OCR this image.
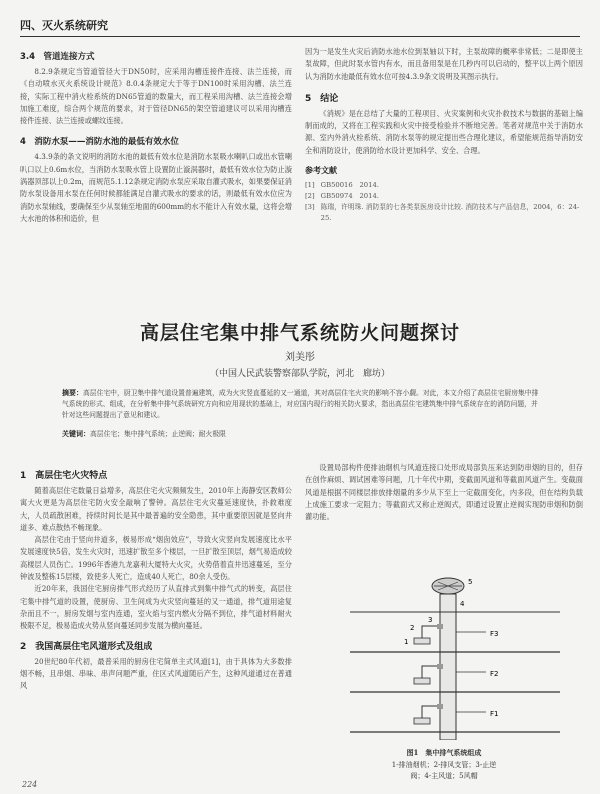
四、灭火系统研究
3.4　管道连接方式
8.2.9条规定当管道管径大于DN50时，应采用沟槽连接件连接、法兰连接，而《自动喷水灭火系统设计规范》8.0.4条规定大于等于DN100时采用沟槽、法兰连接，实际工程中消火栓系统的DN65管道的数量大，而工程采用沟槽、法兰连接会增加施工难度，综合两个规范的要求，对于管径DN65的架空管道建议可以采用沟槽连接件连接、法兰连接或螺纹连接。
4　消防水泵——消防水池的最低有效水位
4.3.9条的条文说明的消防水池的最低有效水位是消防水泵吸水喇叭口或出水管喇叭口以上0.6m水位，当消防水泵吸水管上设置防止漩涡器时，最低有效水位为防止漩涡器顶部以上0.2m，而规范5.1.12条规定消防水泵应采取自灌式吸水，如果要保证消防水泵设备用水泵在任何时候都能满足自灌式吸水的要求的话，则最低有效水位应为消防水泵轴线，要确保至少从泵轴至地面的600mm的水不能计入有效水量，这将会增大水池的体积和造价，但
因为一是发生火灾后消防水池水位到泵轴以下时，主泵故障的概率非常低；二是即使主泵故障，但此时泵水管内有水，而且备用泵是在几秒内可以启动的，整平以上两个原因认为消防水池最低有效水位可按4.3.9条文说明及其图示执行。
5　结论
《消规》是在总结了大量的工程项目、火灾案例和火灾扑救技术与数据的基础上编制而成的，又将在工程实践和火灾中接受检验并不断地完善。笔者对规范中关于消防水源、室内外消火栓系统、消防水泵等的规定提出些合理化建议，希望能规范指导消防安全和消防设计，使消防给水设计更加科学、安全、合理。
参考文献
[1] GB50016　2014.
[2] GB50974　2014.
[3] 陈瑞，许明珠. 消防泵的七各类泵医房设计比较. 消防技术与产品信息，2004，6：24-25.
高层住宅集中排气系统防火问题探讨
刘美彤
（中国人民武装警察部队学院，河北　廊坊）
摘要：高层住宅中，厨卫集中排气道设置普遍建筑，成为火灾竖直蔓延的又一通道，其对高层住宅火灾的影响不容小觑。对此，本文介绍了高层住宅厨房集中排气系统的形式、组成，在分析集中排气系统研究方向和应用现状的基础上，对应国内现行的相关防火要求，指出高层住宅建筑集中排气系统存在的消防问题，并针对这些问题提出了意见和建议。
关键词：高层住宅；集中排气系统；止逆阀；耐火极限
1　高层住宅火灾特点
随着高层住宅数量日益增多，高层住宅火灾频频发生，2010年上海静安区教师公寓大火更是为高层住宅防火安全敲响了警钟。高层住宅火灾蔓延速度快，扑救难度大，人员疏散困难，持续时间长是其中最普遍的安全隐患，其中重要原因就是竖向井道多、难点散热不畅现象。
高层住宅由于竖向井道多，极易形成“烟囱效应”，导致火灾竖向发展速度比水平发展速度快5倍，发生火灾时，迅速扩散至多个楼层，一旦扩散至顶层，烟气易造成较高楼层人员伤亡。1996年香港九龙嘉利大厦特大火灾，火势借着直井迅速蔓延，至分钟波及整栋15层楼，致使多人死亡，造成40人死亡，80余人受伤。
近20年来，我国住宅厨房排气形式经历了从直排式到集中排气式的转变，高层住宅集中排气道的设置，使厨房、卫生间成为火灾竖向蔓延的又一通道，排气道用途复杂而且不一，厨房发烟与室内连通，室火焰与室内燃火分隔不到位，排气道材料耐火极限不足，极易造成火势从竖向蔓延同步发展为横向蔓延。
2　我国高层住宅风道形式及组成
20世纪80年代初，最普采用的厨房住宅简单主式风道[1]，由于具体为大多数排烟不畅，且串烟、串味、串声问题严重，住区式风道随后产生，这种风道通过在普通风
224
设置局部构件使排油烟机与风道连接口处形成局部负压来达到防串烟的目的，但存在创作麻烦、调试困难等问题，几十年代中期，变截面风道和等截面风道产生。变截面风道是根据不同楼层排放排烟量的多少从下至上一定截面变化，内多段，但在结构负载上成施工要求一定阻力；等截面式又称止逆阀式，即通过设置止逆阀实现防串烟和防倒灌功能。
F3
F2
F1
1
2
3
4
5
图1　集中排气系统组成
1-排油烟机；2-排风支管；3-止逆
阀；4-主风道；5风帽
